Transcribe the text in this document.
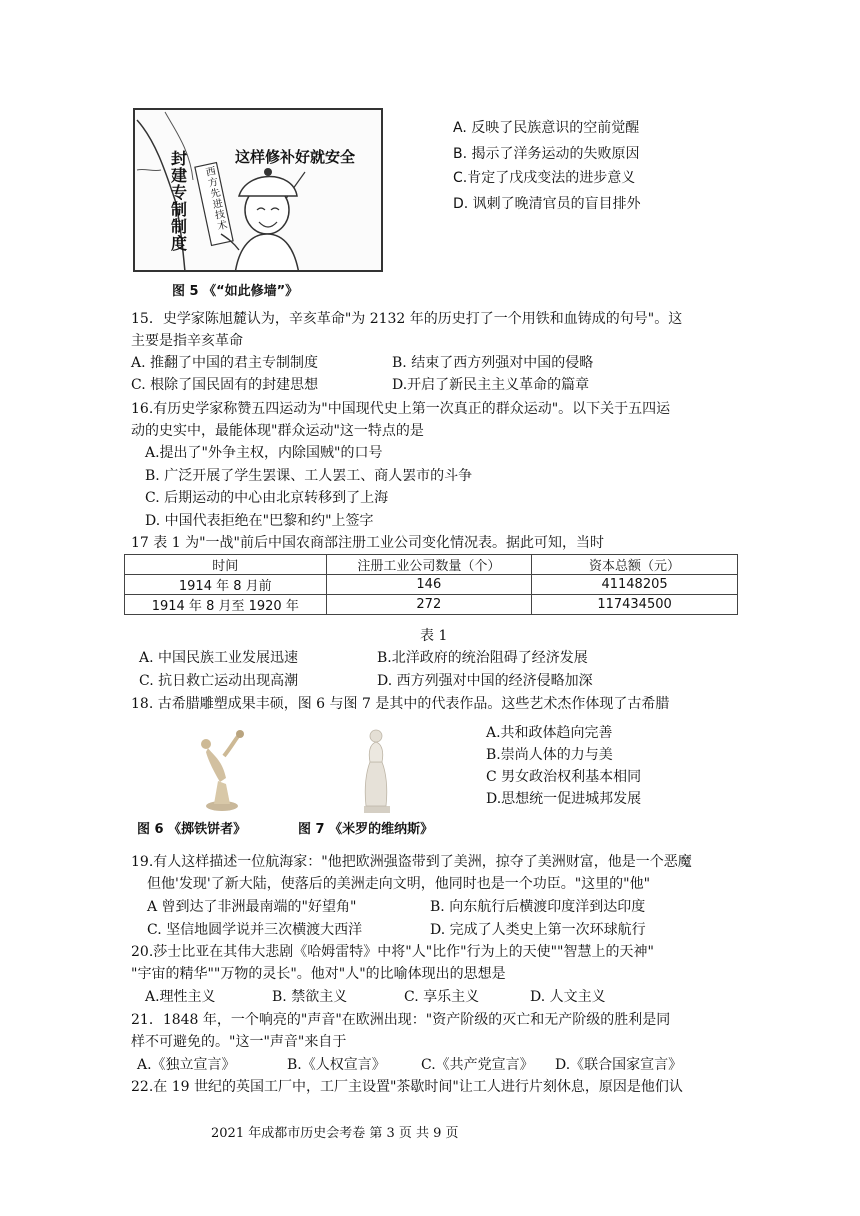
这样修补好就安全
封建专制制度
西方先进技术
图 5 《“如此修墙”》
A. 反映了民族意识的空前觉醒
B. 揭示了洋务运动的失败原因
C.肯定了戊戌变法的进步意义
D. 讽刺了晚清官员的盲目排外
15．史学家陈旭麓认为，辛亥革命"为 2132 年的历史打了一个用铁和血铸成的句号"。这
主要是指辛亥革命
A. 推翻了中国的君主专制制度	B. 结束了西方列强对中国的侵略
C. 根除了国民固有的封建思想	D.开启了新民主主义革命的篇章
16.有历史学家称赞五四运动为"中国现代史上第一次真正的群众运动"。以下关于五四运
动的史实中，最能体现"群众运动"这一特点的是
A.提出了"外争主权，内除国贼"的口号
B. 广泛开展了学生罢课、工人罢工、商人罢市的斗争
C. 后期运动的中心由北京转移到了上海
D. 中国代表拒绝在"巴黎和约"上签字
17 表 1 为"一战"前后中国农商部注册工业公司变化情况表。据此可知，当时
时间	注册工业公司数量（个）	资本总额（元）
1914 年 8 月前	146	41148205
1914 年 8 月至 1920 年	272	117434500
表 1
A. 中国民族工业发展迅速	B.北洋政府的统治阻碍了经济发展
C. 抗日救亡运动出现高潮	D. 西方列强对中国的经济侵略加深
18. 古希腊雕塑成果丰硕，图 6 与图 7 是其中的代表作品。这些艺术杰作体现了古希腊
图 6 《掷铁饼者》	图 7 《米罗的维纳斯》
A.共和政体趋向完善
B.崇尚人体的力与美
C 男女政治权利基本相同
D.思想统一促进城邦发展
19.有人这样描述一位航海家："他把欧洲强盗带到了美洲，掠夺了美洲财富，他是一个恶魔
但他'发现'了新大陆，使落后的美洲走向文明，他同时也是一个功臣。"这里的"他"
A 曾到达了非洲最南端的"好望角"	B. 向东航行后横渡印度洋到达印度
C. 坚信地圆学说并三次横渡大西洋	D. 完成了人类史上第一次环球航行
20.莎士比亚在其伟大悲剧《哈姆雷特》中将"人"比作"行为上的天使""智慧上的天神"
"宇宙的精华""万物的灵长"。他对"人"的比喻体现出的思想是
A.理性主义	B. 禁欲主义	C. 享乐主义	D. 人文主义
21．1848 年，一个响亮的"声音"在欧洲出现："资产阶级的灭亡和无产阶级的胜利是同
样不可避免的。"这一"声音"来自于
A.《独立宣言》	B.《人权宣言》	C.《共产党宣言》 D.《联合国家宣言》
22.在 19 世纪的英国工厂中，工厂主设置"茶歇时间"让工人进行片刻休息，原因是他们认
2021 年成都市历史会考卷 第 3 页 共 9 页
